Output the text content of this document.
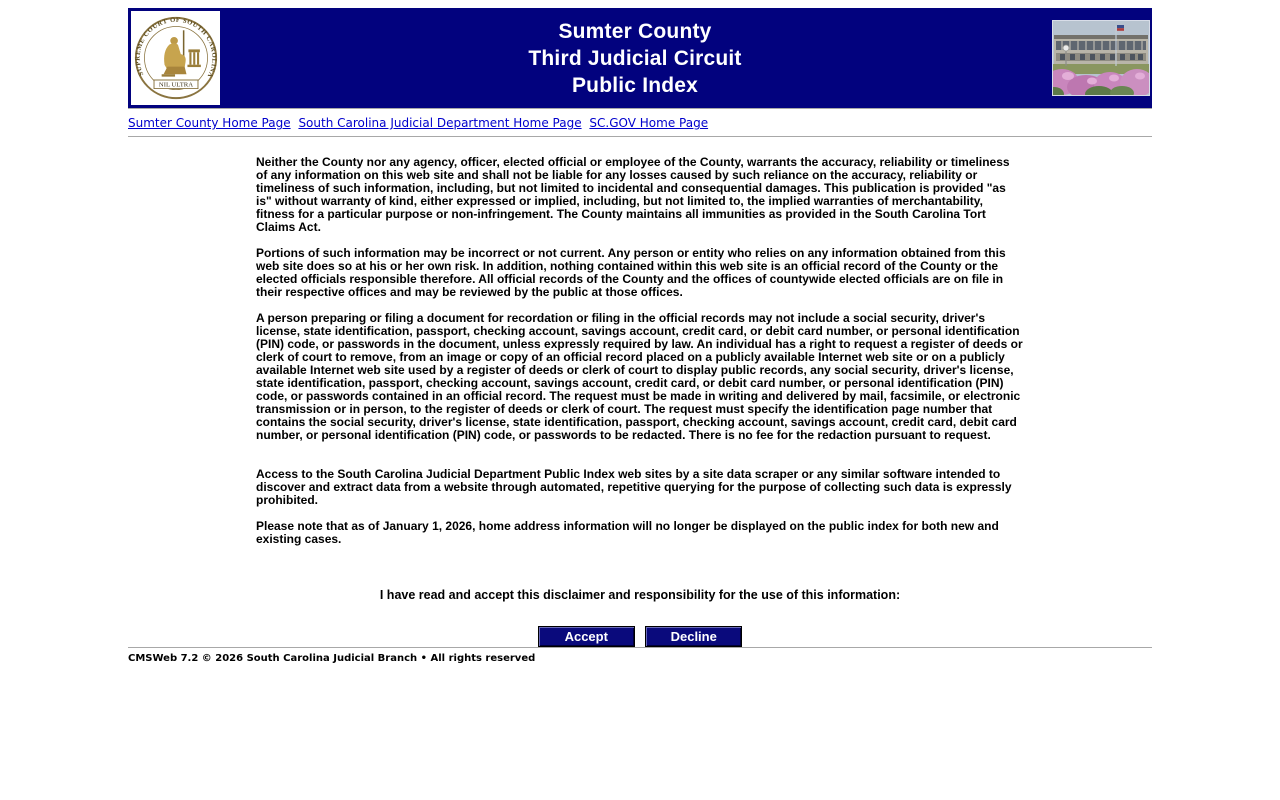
SUPREME COURT OF SOUTH CAROLINA
NIL ULTRA
Sumter County
Third Judicial Circuit
Public Index
Sumter County Home Page South Carolina Judicial Department Home Page SC.GOV Home Page

Neither the County nor any agency, officer, elected official or employee of the County, warrants the accuracy, reliability or timeliness of any information on this web site and shall not be liable for any losses caused by such reliance on the accuracy, reliability or timeliness of such information, including, but not limited to incidental and consequential damages. This publication is provided "as is" without warranty of kind, either expressed or implied, including, but not limited to, the implied warranties of merchantability, fitness for a particular purpose or non-infringement. The County maintains all immunities as provided in the South Carolina Tort Claims Act.

Portions of such information may be incorrect or not current. Any person or entity who relies on any information obtained from this web site does so at his or her own risk. In addition, nothing contained within this web site is an official record of the County or the elected officials responsible therefore. All official records of the County and the offices of countywide elected officials are on file in their respective offices and may be reviewed by the public at those offices.

A person preparing or filing a document for recordation or filing in the official records may not include a social security, driver's license, state identification, passport, checking account, savings account, credit card, or debit card number, or personal identification (PIN) code, or passwords in the document, unless expressly required by law. An individual has a right to request a register of deeds or clerk of court to remove, from an image or copy of an official record placed on a publicly available Internet web site or on a publicly available Internet web site used by a register of deeds or clerk of court to display public records, any social security, driver's license, state identification, passport, checking account, savings account, credit card, or debit card number, or personal identification (PIN) code, or passwords contained in an official record. The request must be made in writing and delivered by mail, facsimile, or electronic transmission or in person, to the register of deeds or clerk of court. The request must specify the identification page number that contains the social security, driver's license, state identification, passport, checking account, savings account, credit card, debit card number, or personal identification (PIN) code, or passwords to be redacted. There is no fee for the redaction pursuant to request.

Access to the South Carolina Judicial Department Public Index web sites by a site data scraper or any similar software intended to discover and extract data from a website through automated, repetitive querying for the purpose of collecting such data is expressly prohibited.

Please note that as of January 1, 2026, home address information will no longer be displayed on the public index for both new and existing cases.

I have read and accept this disclaimer and responsibility for the use of this information:
Accept	Decline
CMSWeb 7.2 © 2026 South Carolina Judicial Branch • All rights reserved
